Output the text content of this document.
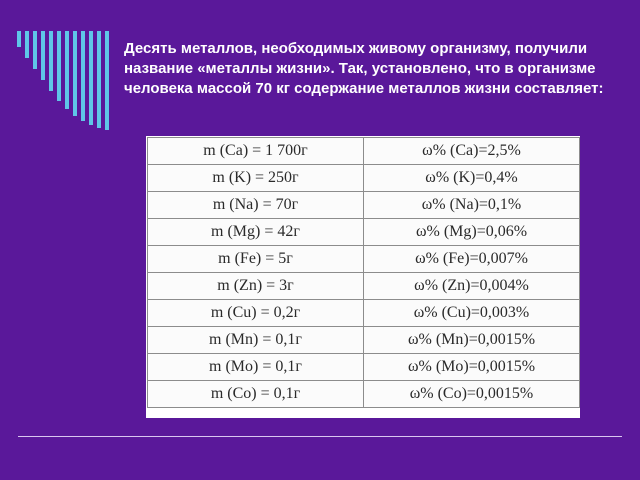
Десять металлов, необходимых живому организму, получили название «металлы жизни». Так, установлено, что в организме человека массой 70 кг содержание металлов жизни составляет:

m (Ca) = 1 700г	ω% (Ca)=2,5%
m (K) = 250г	ω% (K)=0,4%
m (Na) = 70г	ω% (Na)=0,1%
m (Mg) = 42г	ω% (Mg)=0,06%
m (Fe) = 5г	ω% (Fe)=0,007%
m (Zn) = 3г	ω% (Zn)=0,004%
m (Cu) = 0,2г	ω% (Cu)=0,003%
m (Mn) = 0,1г	ω% (Mn)=0,0015%
m (Mo) = 0,1г	ω% (Mo)=0,0015%
m (Co) = 0,1г	ω% (Co)=0,0015%
